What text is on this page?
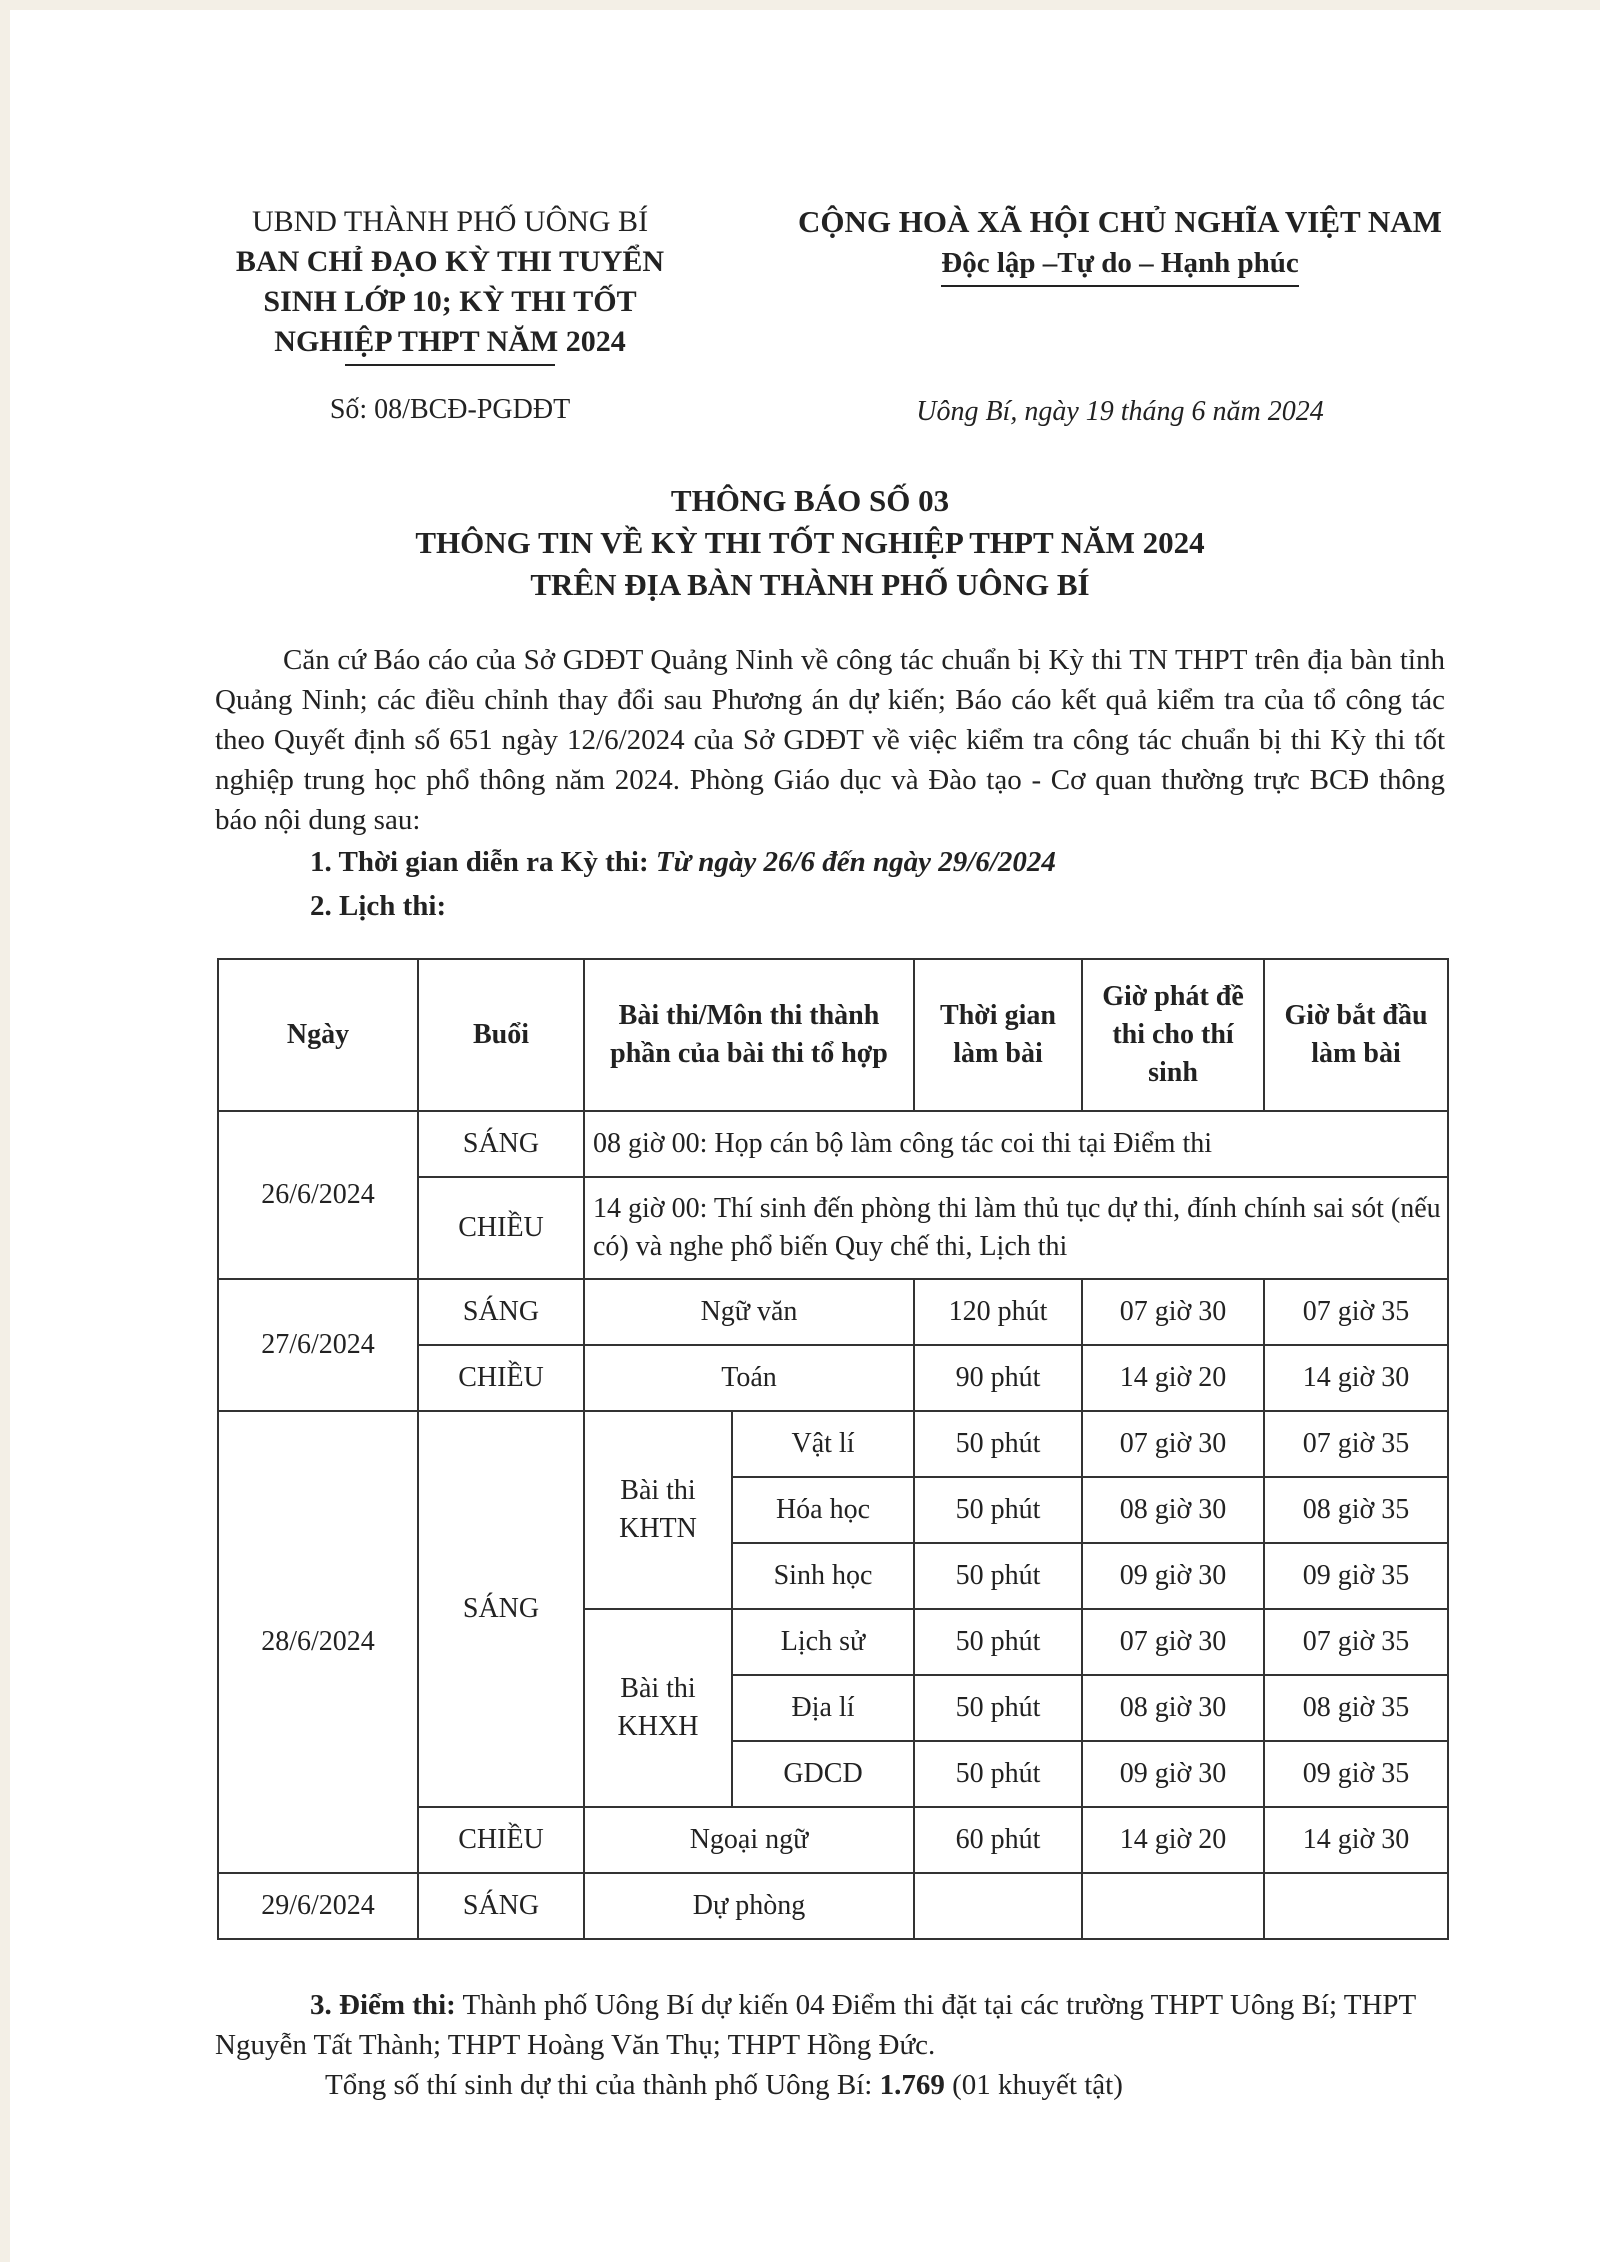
UBND THÀNH PHỐ UÔNG BÍ
BAN CHỈ ĐẠO KỲ THI TUYỂN
SINH LỚP 10; KỲ THI TỐT
NGHIỆP THPT NĂM 2024
CỘNG HOÀ XÃ HỘI CHỦ NGHĨA VIỆT NAM
Độc lập –Tự do – Hạnh phúc
Số: 08/BCĐ-PGDĐT	Uông Bí, ngày 19 tháng 6 năm 2024
THÔNG BÁO SỐ 03
THÔNG TIN VỀ KỲ THI TỐT NGHIỆP THPT NĂM 2024
TRÊN ĐỊA BÀN THÀNH PHỐ UÔNG BÍ
Căn cứ Báo cáo của Sở GDĐT Quảng Ninh về công tác chuẩn bị Kỳ thi TN THPT trên địa bàn tỉnh Quảng Ninh; các điều chỉnh thay đổi sau Phương án dự kiến; Báo cáo kết quả kiểm tra của tổ công tác theo Quyết định số 651 ngày 12/6/2024 của Sở GDĐT về việc kiểm tra công tác chuẩn bị thi Kỳ thi tốt nghiệp trung học phổ thông năm 2024. Phòng Giáo dục và Đào tạo - Cơ quan thường trực BCĐ thông báo nội dung sau:
1. Thời gian diễn ra Kỳ thi: Từ ngày 26/6 đến ngày 29/6/2024
2. Lịch thi:
Ngày	Buổi	Bài thi/Môn thi thành phần của bài thi tổ hợp		Thời gian làm bài	Giờ phát đề thi cho thí sinh	Giờ bắt đầu làm bài
26/6/2024	SÁNG	08 giờ 00: Họp cán bộ làm công tác coi thi tại Điểm thi				
	CHIỀU	14 giờ 00: Thí sinh đến phòng thi làm thủ tục dự thi, đính chính sai sót (nếu có) và nghe phổ biến Quy chế thi, Lịch thi				
27/6/2024	SÁNG	Ngữ văn		120 phút	07 giờ 30	07 giờ 35
	CHIỀU	Toán		90 phút	14 giờ 20	14 giờ 30
28/6/2024	SÁNG	Bài thi KHTN	Vật lí	50 phút	07 giờ 30	07 giờ 35
			Hóa học	50 phút	08 giờ 30	08 giờ 35
			Sinh học	50 phút	09 giờ 30	09 giờ 35
		Bài thi KHXH	Lịch sử	50 phút	07 giờ 30	07 giờ 35
			Địa lí	50 phút	08 giờ 30	08 giờ 35
			GDCD	50 phút	09 giờ 30	09 giờ 35
	CHIỀU	Ngoại ngữ		60 phút	14 giờ 20	14 giờ 30
29/6/2024	SÁNG	Dự phòng				
3. Điểm thi: Thành phố Uông Bí dự kiến 04 Điểm thi đặt tại các trường THPT Uông Bí; THPT Nguyễn Tất Thành; THPT Hoàng Văn Thụ; THPT Hồng Đức.
Tổng số thí sinh dự thi của thành phố Uông Bí: 1.769 (01 khuyết tật)
